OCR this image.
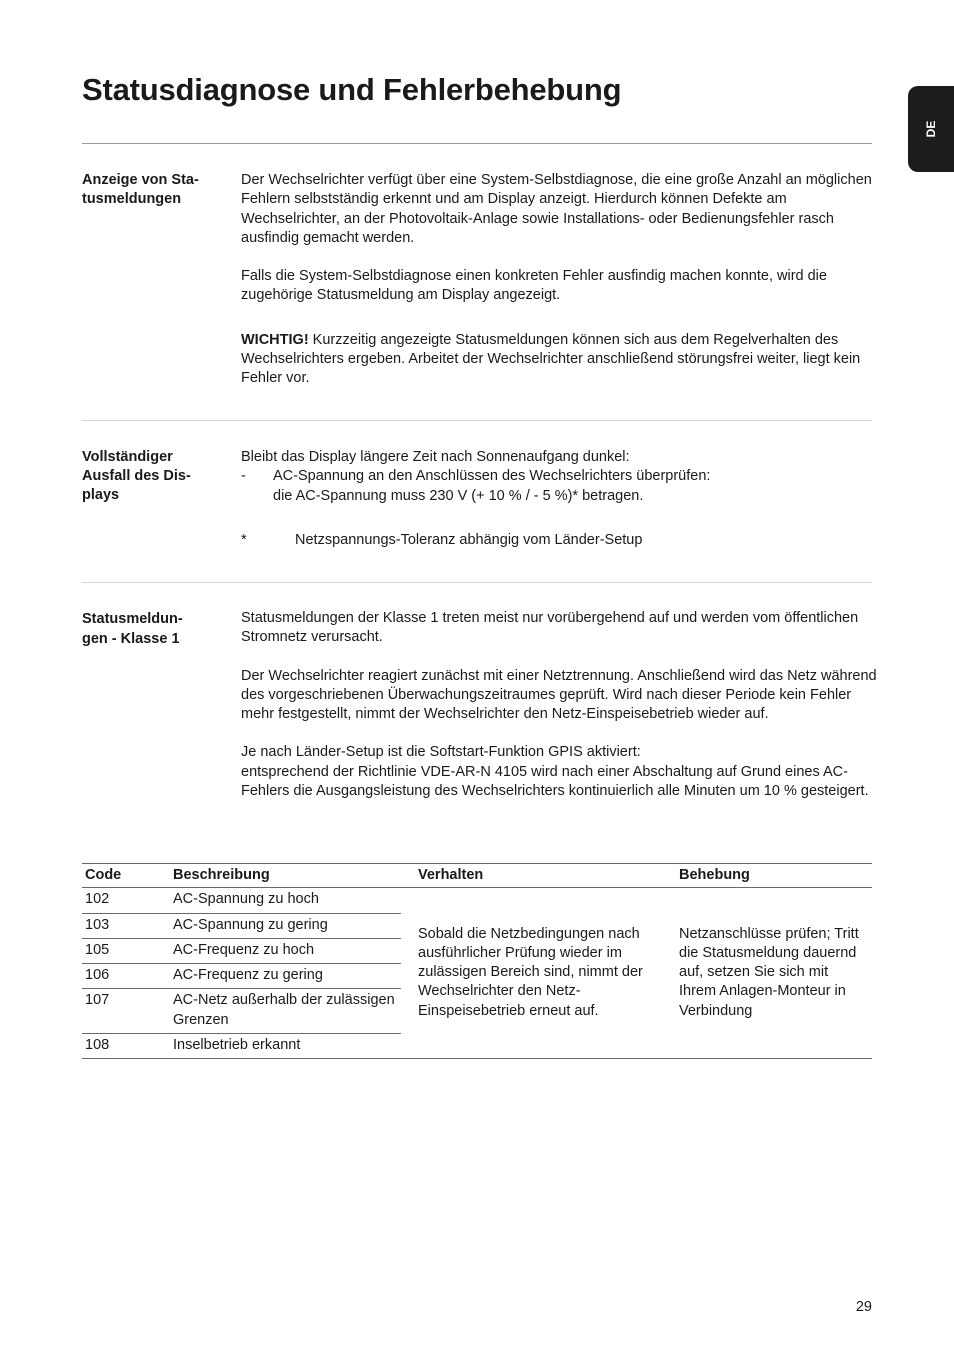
Statusdiagnose und Fehlerbehebung
DE
Anzeige von Sta-
tusmeldungen

Der Wechselrichter verfügt über eine System-Selbstdiagnose, die eine große Anzahl an möglichen Fehlern selbstständig erkennt und am Display anzeigt. Hierdurch können Defekte am Wechselrichter, an der Photovoltaik-Anlage sowie Installations- oder Bedienungsfehler rasch ausfindig gemacht werden.

Falls die System-Selbstdiagnose einen konkreten Fehler ausfindig machen konnte, wird die zugehörige Statusmeldung am Display angezeigt.

WICHTIG! Kurzzeitig angezeigte Statusmeldungen können sich aus dem Regelverhalten des Wechselrichters ergeben. Arbeitet der Wechselrichter anschließend störungsfrei weiter, liegt kein Fehler vor.

Vollständiger
Ausfall des Dis-
plays

Bleibt das Display längere Zeit nach Sonnenaufgang dunkel:

- AC-Spannung an den Anschlüssen des Wechselrichters überprüfen:
die AC-Spannung muss 230 V (+ 10 % / - 5 %)* betragen.
*	Netzspannungs-Toleranz abhängig vom Länder-Setup
Statusmeldun-
gen - Klasse 1

Statusmeldungen der Klasse 1 treten meist nur vorübergehend auf und werden vom öffentlichen Stromnetz verursacht.

Der Wechselrichter reagiert zunächst mit einer Netztrennung. Anschließend wird das Netz während des vorgeschriebenen Überwachungszeitraumes geprüft. Wird nach dieser Periode kein Fehler mehr festgestellt, nimmt der Wechselrichter den Netz-Einspeisebetrieb wieder auf.

Je nach Länder-Setup ist die Softstart-Funktion GPIS aktiviert:

entsprechend der Richtlinie VDE-AR-N 4105 wird nach einer Abschaltung auf Grund eines AC-Fehlers die Ausgangsleistung des Wechselrichters kontinuierlich alle Minuten um 10 % gesteigert.

Code	Beschreibung	Verhalten	Behebung
102	AC-Spannung zu hoch	Sobald die Netzbedingungen nach ausführlicher Prüfung wieder im zulässigen Bereich sind, nimmt der Wechselrichter den Netz-Einspeisebetrieb erneut auf.	Netzanschlüsse prüfen; Tritt die Statusmeldung dauernd auf, setzen Sie sich mit Ihrem Anlagen-Monteur in Verbindung
103	AC-Spannung zu gering		
105	AC-Frequenz zu hoch		
106	AC-Frequenz zu gering		
107	AC-Netz außerhalb der zulässigen Grenzen		
108	Inselbetrieb erkannt		
29
